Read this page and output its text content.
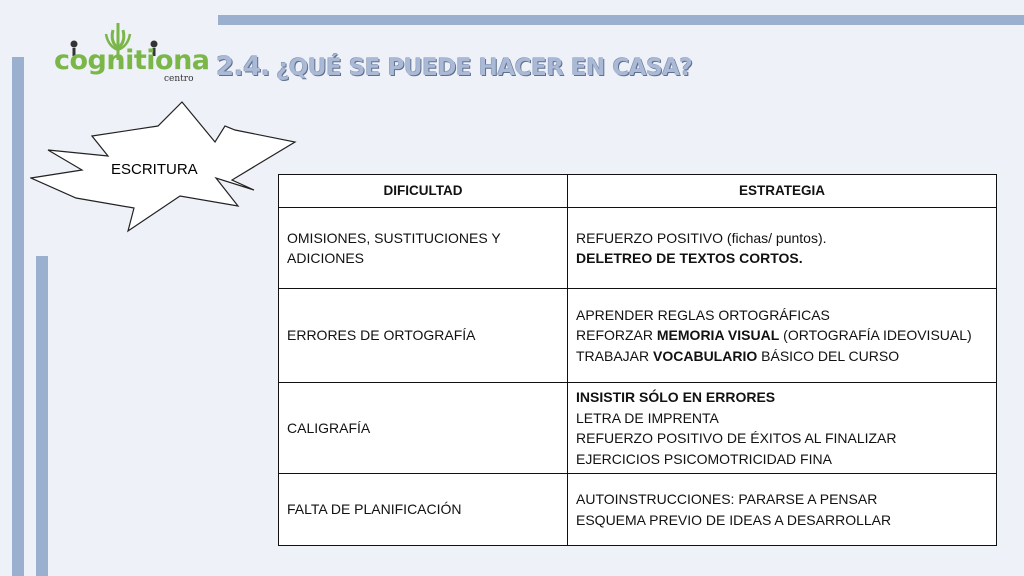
cognitiona
centro 2.4. ¿QUÉ SE PUEDE HACER EN CASA?
ESCRITURA
DIFICULTAD	ESTRATEGIA
OMISIONES, SUSTITUCIONES Y ADICIONES	REFUERZO POSITIVO (fichas/ puntos).
DELETREO DE TEXTOS CORTOS.

ERRORES DE ORTOGRAFÍA	APRENDER REGLAS ORTOGRÁFICAS
REFORZAR MEMORIA VISUAL (ORTOGRAFÍA IDEOVISUAL)
TRABAJAR VOCABULARIO BÁSICO DEL CURSO

CALIGRAFÍA	INSISTIR SÓLO EN ERRORES
LETRA DE IMPRENTA
REFUERZO POSITIVO DE ÉXITOS AL FINALIZAR
EJERCICIOS PSICOMOTRICIDAD FINA

FALTA DE PLANIFICACIÓN	AUTOINSTRUCCIONES: PARARSE A PENSAR
ESQUEMA PREVIO DE IDEAS A DESARROLLAR
